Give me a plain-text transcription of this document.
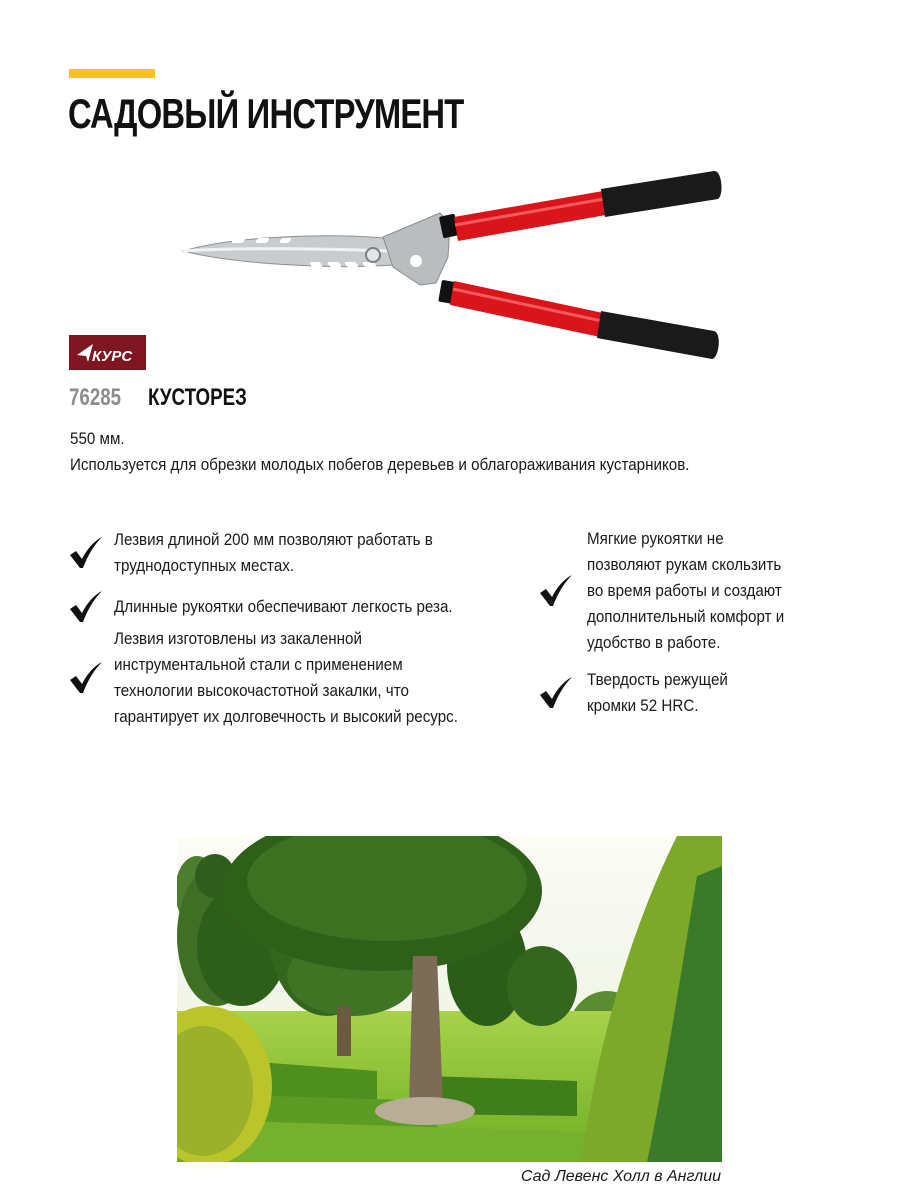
САДОВЫЙ ИНСТРУМЕНТ
КУРС
76285 КУСТОРЕЗ
550 мм.
Используется для обрезки молодых побегов деревьев и облагораживания кустарников.
Лезвия длиной 200 мм позволяют работать в
труднодоступных местах.
Длинные рукоятки обеспечивают легкость реза.
Лезвия изготовлены из закаленной
инструментальной стали с применением
технологии высокочастотной закалки, что
гарантирует их долговечность и высокий ресурс.
Мягкие рукоятки не
позволяют рукам скользить
во время работы и создают
дополнительный комфорт и
удобство в работе.
Твердость режущей
кромки 52 HRC.
Сад Левенс Холл в Англии
